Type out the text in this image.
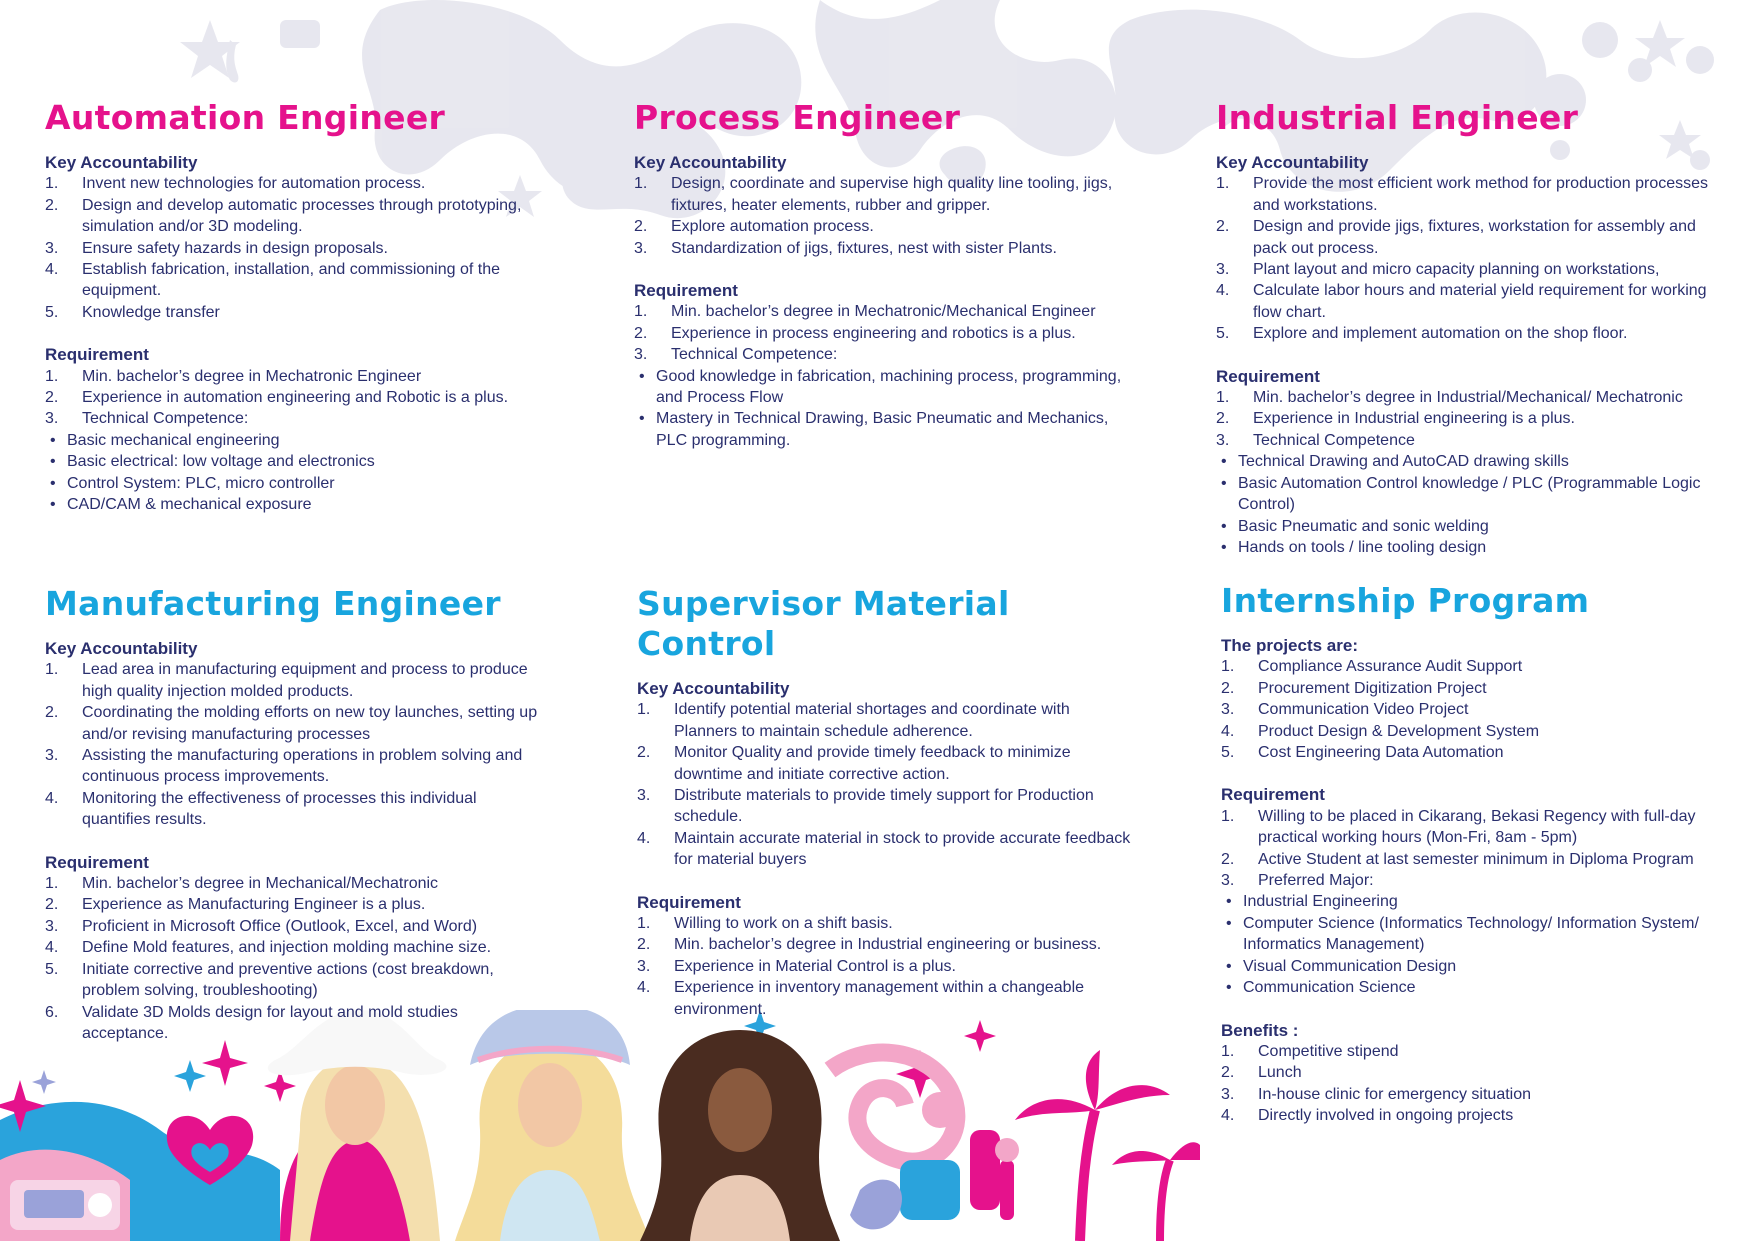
Automation Engineer

Key Accountability

1. Invent new technologies for automation process.
2. Design and develop automatic processes through prototyping, simulation and/or 3D modeling.
3. Ensure safety hazards in design proposals.
4. Establish fabrication, installation, and commissioning of the equipment.
5. Knowledge transfer

Requirement

1. Min. bachelor’s degree in Mechatronic Engineer
2. Experience in automation engineering and Robotic is a plus.
3. Technical Competence:
• Basic mechanical engineering
• Basic electrical: low voltage and electronics
• Control System: PLC, micro controller
• CAD/CAM & mechanical exposure
Process Engineer

Key Accountability

1. Design, coordinate and supervise high quality line tooling, jigs, fixtures, heater elements, rubber and gripper.
2. Explore automation process.
3. Standardization of jigs, fixtures, nest with sister Plants.

Requirement

1. Min. bachelor’s degree in Mechatronic/Mechanical Engineer
2. Experience in process engineering and robotics is a plus.
3. Technical Competence:
• Good knowledge in fabrication, machining process, programming, and Process Flow
• Mastery in Technical Drawing, Basic Pneumatic and Mechanics, PLC programming.
Industrial Engineer

Key Accountability

1. Provide the most efficient work method for production processes and workstations.
2. Design and provide jigs, fixtures, workstation for assembly and pack out process.
3. Plant layout and micro capacity planning on workstations,
4. Calculate labor hours and material yield requirement for working flow chart.
5. Explore and implement automation on the shop floor.

Requirement

1. Min. bachelor’s degree in Industrial/Mechanical/ Mechatronic
2. Experience in Industrial engineering is a plus.
3. Technical Competence
• Technical Drawing and AutoCAD drawing skills
• Basic Automation Control knowledge / PLC (Programmable Logic Control)
• Basic Pneumatic and sonic welding
• Hands on tools / line tooling design
Manufacturing Engineer

Key Accountability

1. Lead area in manufacturing equipment and process to produce high quality injection molded products.
2. Coordinating the molding efforts on new toy launches, setting up and/or revising manufacturing processes
3. Assisting the manufacturing operations in problem solving and continuous process improvements.
4. Monitoring the effectiveness of processes this individual quantifies results.

Requirement

1. Min. bachelor’s degree in Mechanical/Mechatronic
2. Experience as Manufacturing Engineer is a plus.
3. Proficient in Microsoft Office (Outlook, Excel, and Word)
4. Define Mold features, and injection molding machine size.
5. Initiate corrective and preventive actions (cost breakdown, problem solving, troubleshooting)
6. Validate 3D Molds design for layout and mold studies acceptance.
Supervisor Material Control

Key Accountability

1. Identify potential material shortages and coordinate with Planners to maintain schedule adherence.
2. Monitor Quality and provide timely feedback to minimize downtime and initiate corrective action.
3. Distribute materials to provide timely support for Production schedule.
4. Maintain accurate material in stock to provide accurate feedback for material buyers

Requirement

1. Willing to work on a shift basis.
2. Min. bachelor’s degree in Industrial engineering or business.
3. Experience in Material Control is a plus.
4. Experience in inventory management within a changeable environment.
Internship Program

The projects are:

1. Compliance Assurance Audit Support
2. Procurement Digitization Project
3. Communication Video Project
4. Product Design & Development System
5. Cost Engineering Data Automation

Requirement

1. Willing to be placed in Cikarang, Bekasi Regency with full-day practical working hours (Mon-Fri, 8am - 5pm)
2. Active Student at last semester minimum in Diploma Program
3. Preferred Major:
• Industrial Engineering
• Computer Science (Informatics Technology/ Information System/ Informatics Management)
• Visual Communication Design
• Communication Science

Benefits :

1. Competitive stipend
2. Lunch
3. In-house clinic for emergency situation
4. Directly involved in ongoing projects
